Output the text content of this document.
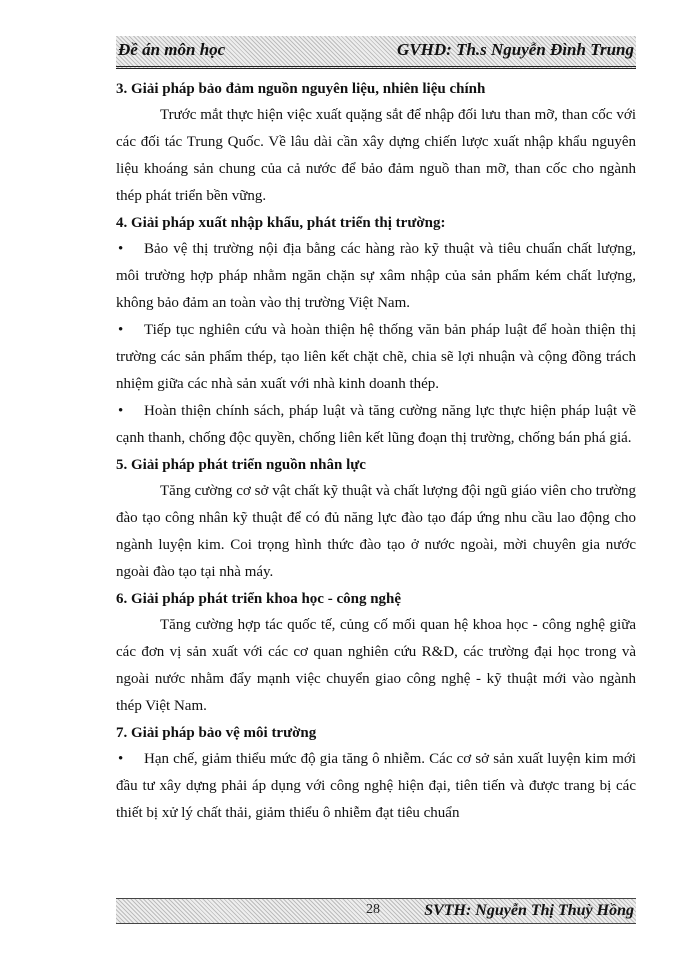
Đề án môn học	GVHD: Th.s Nguyễn Đình Trung
3. Giải pháp bảo đảm nguồn nguyên liệu, nhiên liệu chính

Trước mắt thực hiện việc xuất quặng sắt để nhập đối lưu than mỡ, than cốc với các đối tác Trung Quốc. Về lâu dài cần xây dựng chiến lược xuất nhập khẩu nguyên liệu khoáng sản chung của cả nước để bảo đảm nguồ than mỡ, than cốc cho ngành thép phát triển bền vững.

4. Giải pháp xuất nhập khẩu, phát triển thị trường:

• Bảo vệ thị trường nội địa bằng các hàng rào kỹ thuật và tiêu chuẩn chất lượng, môi trường hợp pháp nhằm ngăn chặn sự xâm nhập của sản phẩm kém chất lượng, không bảo đảm an toàn vào thị trường Việt Nam.

• Tiếp tục nghiên cứu và hoàn thiện hệ thống văn bản pháp luật để hoàn thiện thị trường các sản phẩm thép, tạo liên kết chặt chẽ, chia sẽ lợi nhuận và cộng đồng trách nhiệm giữa các nhà sản xuất với nhà kinh doanh thép.

• Hoàn thiện chính sách, pháp luật và tăng cường năng lực thực hiện pháp luật về cạnh thanh, chống độc quyền, chống liên kết lũng đoạn thị trường, chống bán phá giá.

5. Giải pháp phát triển nguồn nhân lực

Tăng cường cơ sở vật chất kỹ thuật và chất lượng đội ngũ giáo viên cho trường đào tạo công nhân kỹ thuật để có đủ năng lực đào tạo đáp ứng nhu cầu lao động cho ngành luyện kim. Coi trọng hình thức đào tạo ở nước ngoài, mời chuyên gia nước ngoài đào tạo tại nhà máy.

6. Giải pháp phát triển khoa học - công nghệ

Tăng cường hợp tác quốc tế, củng cố mối quan hệ khoa học - công nghệ giữa các đơn vị sản xuất với các cơ quan nghiên cứu R&D, các trường đại học trong và ngoài nước nhằm đẩy mạnh việc chuyển giao công nghệ - kỹ thuật mới vào ngành thép Việt Nam.

7. Giải pháp bảo vệ môi trường

• Hạn chế, giảm thiểu mức độ gia tăng ô nhiễm. Các cơ sở sản xuất luyện kim mới đầu tư xây dựng phải áp dụng với công nghệ hiện đại, tiên tiến và được trang bị các thiết bị xử lý chất thải, giảm thiểu ô nhiễm đạt tiêu chuẩn

28	SVTH: Nguyễn Thị Thuỳ Hồng
